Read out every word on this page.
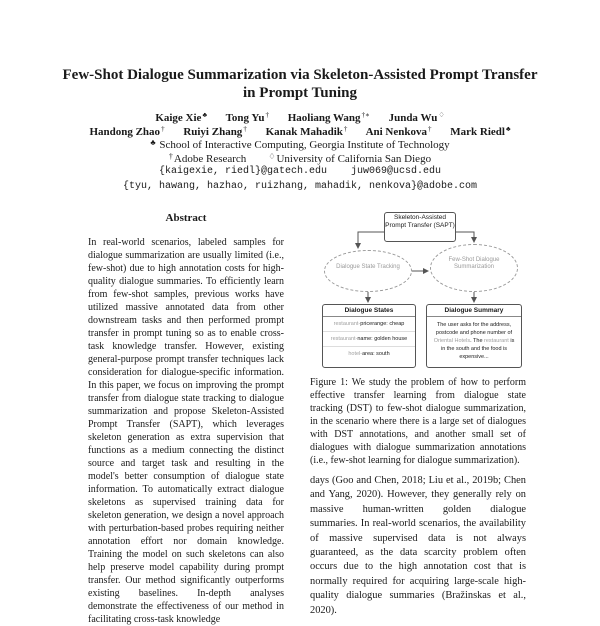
Few-Shot Dialogue Summarization via Skeleton-Assisted Prompt Transfer
in Prompt Tuning
Kaige Xie♣ Tong Yu† Haoliang Wang†∗ Junda Wu♢
Handong Zhao† Ruiyi Zhang† Kanak Mahadik† Ani Nenkova† Mark Riedl♣
♣ School of Interactive Computing, Georgia Institute of Technology
†Adobe Research	♢University of California San Diego
{kaigexie, riedl}@gatech.edu juw069@ucsd.edu
{tyu, hawang, hazhao, ruizhang, mahadik, nenkova}@adobe.com
Abstract
In real-world scenarios, labeled samples for dialogue summarization are usually limited (i.e., few-shot) due to high annotation costs for high-quality dialogue summaries. To efficiently learn from few-shot samples, previous works have utilized massive annotated data from other downstream tasks and then performed prompt transfer in prompt tuning so as to enable cross-task knowledge transfer. However, existing general-purpose prompt transfer techniques lack consideration for dialogue-specific information. In this paper, we focus on improving the prompt transfer from dialogue state tracking to dialogue summarization and propose Skeleton-Assisted Prompt Transfer (SAPT), which leverages skeleton generation as extra supervision that functions as a medium connecting the distinct source and target task and resulting in the model's better consumption of dialogue state information. To automatically extract dialogue skeletons as supervised training data for skeleton generation, we design a novel approach with perturbation-based probes requiring neither annotation effort nor domain knowledge. Training the model on such skeletons can also help preserve model capability during prompt transfer. Our method significantly outperforms existing baselines. In-depth analyses demonstrate the effectiveness of our method in facilitating cross-task knowledge
Skeleton-Assisted Prompt Transfer (SAPT)
Dialogue State Tracking
Few-Shot Dialogue Summarization
Dialogue States
restaurant-pricerange: cheap
restaurant-name: golden house
hotel-area: south
Dialogue Summary
The user asks for the address, postcode and phone number of Oriental Hotels. The restaurant is in the south and the food is expensive...
Figure 1: We study the problem of how to perform effective transfer learning from dialogue state tracking (DST) to few-shot dialogue summarization, in the scenario where there is a large set of dialogues with DST annotations, and another small set of dialogues with dialogue summarization annotations (i.e., few-shot learning for dialogue summarization).
days (Goo and Chen, 2018; Liu et al., 2019b; Chen and Yang, 2020). However, they generally rely on massive human-written golden dialogue summaries. In real-world scenarios, the availability of massive supervised data is not always guaranteed, as the data scarcity problem often occurs due to the high annotation cost that is normally required for acquiring large-scale high-quality dialogue summaries (Bražinskas et al., 2020).
